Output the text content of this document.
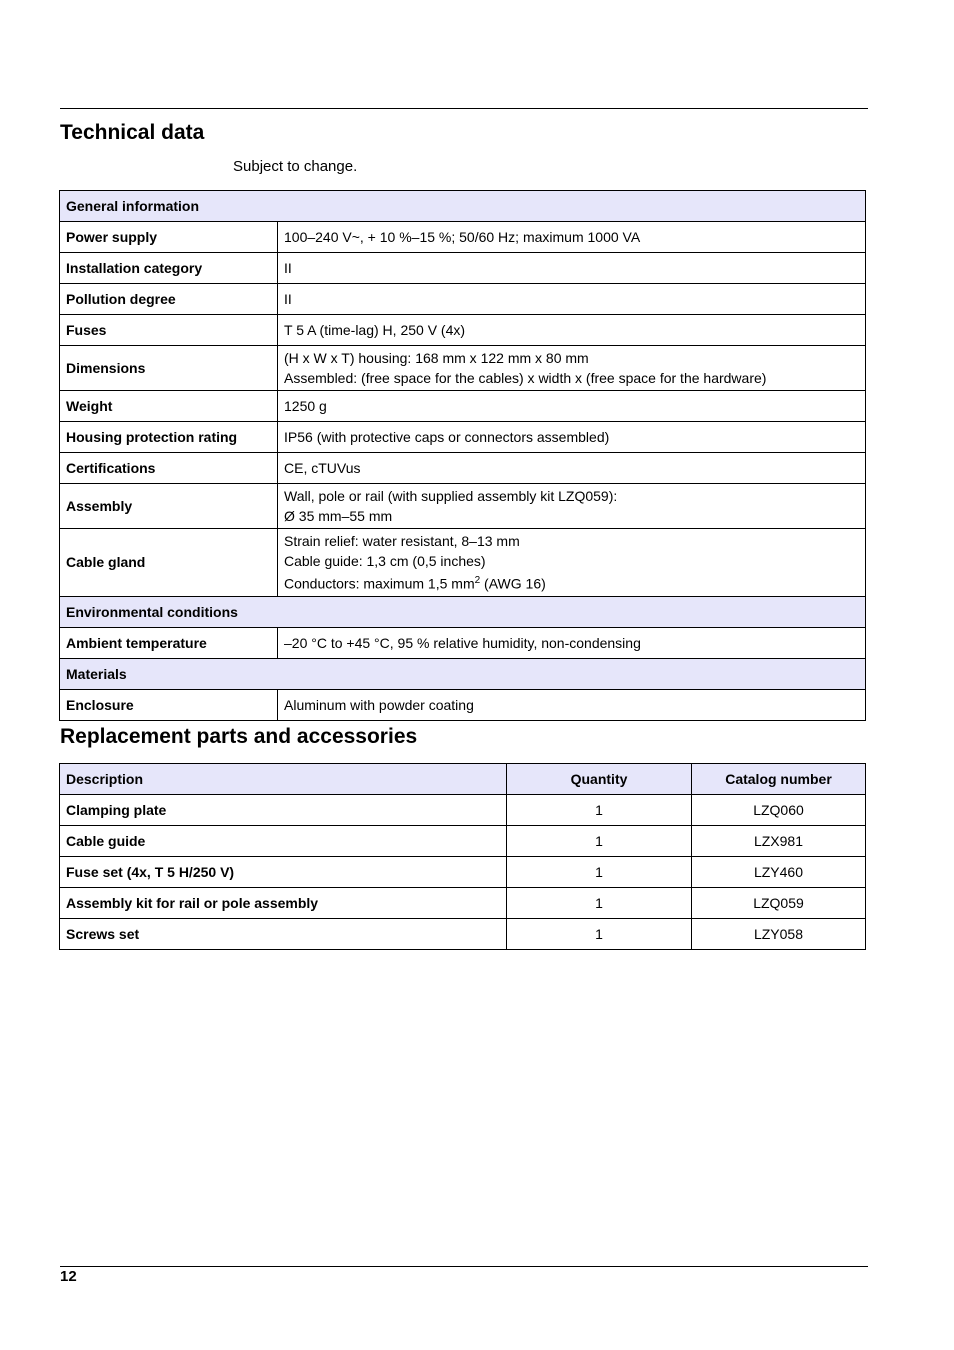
Technical data
Subject to change.
General information	
Power supply	100–240 V~, + 10 %–15 %; 50/60 Hz; maximum 1000 VA
Installation category	II
Pollution degree	II
Fuses	T 5 A (time-lag) H, 250 V (4x)
Dimensions	(H x W x T) housing: 168 mm x 122 mm x 80 mm
Assembled: (free space for the cables) x width x (free space for the hardware)

Weight	1250 g
Housing protection rating	IP56 (with protective caps or connectors assembled)
Certifications	CE, cTUVus
Assembly	Wall, pole or rail (with supplied assembly kit LZQ059):
Ø 35 mm–55 mm

Cable gland	Strain relief: water resistant, 8–13 mm
Cable guide: 1,3 cm (0,5 inches)
Conductors: maximum 1,5 $mm^2$ (AWG 16)

Environmental conditions	
Ambient temperature	–20 °C to +45 °C, 95 % relative humidity, non-condensing
Materials	
Enclosure	Aluminum with powder coating
Replacement parts and accessories
Description	Quantity	Catalog number
Clamping plate	1	LZQ060
Cable guide	1	LZX981
Fuse set (4x, T 5 H/250 V)	1	LZY460
Assembly kit for rail or pole assembly	1	LZQ059
Screws set	1	LZY058
12
